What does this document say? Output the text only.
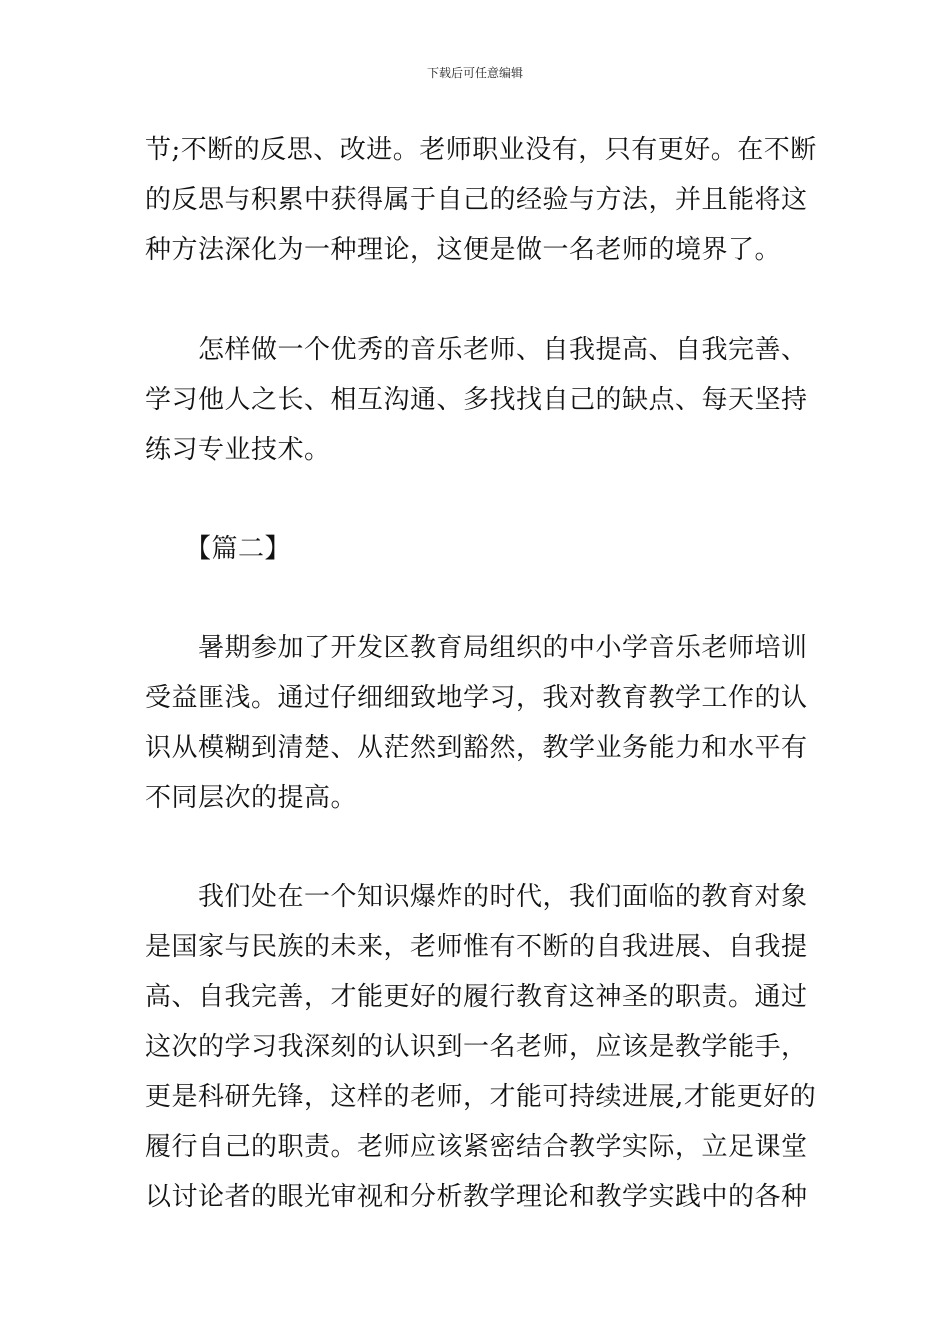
下载后可任意编辑
节;不断的反思、改进。老师职业没有，只有更好。在不断
的反思与积累中获得属于自己的经验与方法，并且能将这
种方法深化为一种理论，这便是做一名老师的境界了。
　　怎样做一个优秀的音乐老师、自我提高、自我完善、
学习他人之长、相互沟通、多找找自己的缺点、每天坚持
练习专业技术。
　　【篇二】
　　暑期参加了开发区教育局组织的中小学音乐老师培训
受益匪浅。通过仔细细致地学习，我对教育教学工作的认
识从模糊到清楚、从茫然到豁然，教学业务能力和水平有
不同层次的提高。
　　我们处在一个知识爆炸的时代，我们面临的教育对象
是国家与民族的未来，老师惟有不断的自我进展、自我提
高、自我完善，才能更好的履行教育这神圣的职责。通过
这次的学习我深刻的认识到一名老师，应该是教学能手，
更是科研先锋，这样的老师，才能可持续进展,才能更好的
履行自己的职责。老师应该紧密结合教学实际，立足课堂
以讨论者的眼光审视和分析教学理论和教学实践中的各种
